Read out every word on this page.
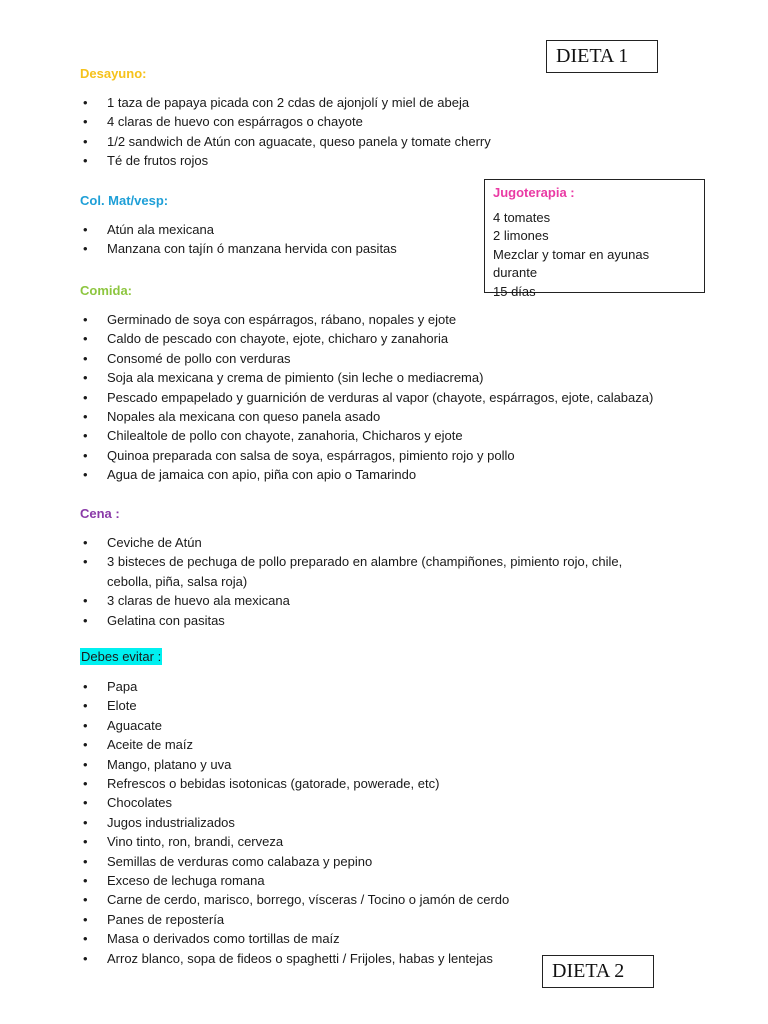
DIETA 1
Desayuno:
• 1 taza de papaya picada con 2 cdas de ajonjolí y miel de abeja
• 4 claras de huevo con espárragos o chayote
• 1/2 sandwich de Atún con aguacate, queso panela y tomate cherry
• Té de frutos rojos
Col. Mat/vesp:
• Atún ala mexicana
• Manzana con tajín ó manzana hervida con pasitas
Jugoterapia :
4 tomates
2 limones
Mezclar y tomar en ayunas durante
15 días
Comida:
• Germinado de soya con espárragos, rábano, nopales y ejote
• Caldo de pescado con chayote, ejote, chicharo y zanahoria
• Consomé de pollo con verduras
• Soja ala mexicana y crema de pimiento (sin leche o mediacrema)
• Pescado empapelado y guarnición de verduras al vapor (chayote, espárragos, ejote, calabaza)
• Nopales ala mexicana con queso panela asado
• Chilealtole de pollo con chayote, zanahoria, Chicharos y ejote
• Quinoa preparada con salsa de soya, espárragos, pimiento rojo y pollo
• Agua de jamaica con apio, piña con apio o Tamarindo
Cena :
• Ceviche de Atún
• 3 bisteces de pechuga de pollo preparado en alambre (champiñones, pimiento rojo, chile, cebolla, piña, salsa roja)
• 3 claras de huevo ala mexicana
• Gelatina con pasitas
Debes evitar :
• Papa
• Elote
• Aguacate
• Aceite de maíz
• Mango, platano y uva
• Refrescos o bebidas isotonicas (gatorade, powerade, etc)
• Chocolates
• Jugos industrializados
• Vino tinto, ron, brandi, cerveza
• Semillas de verduras como calabaza y pepino
• Exceso de lechuga romana
• Carne de cerdo, marisco, borrego, vísceras / Tocino o jamón de cerdo
• Panes de repostería
• Masa o derivados como tortillas de maíz
• Arroz blanco, sopa de fideos o spaghetti / Frijoles, habas y lentejas
DIETA 2
